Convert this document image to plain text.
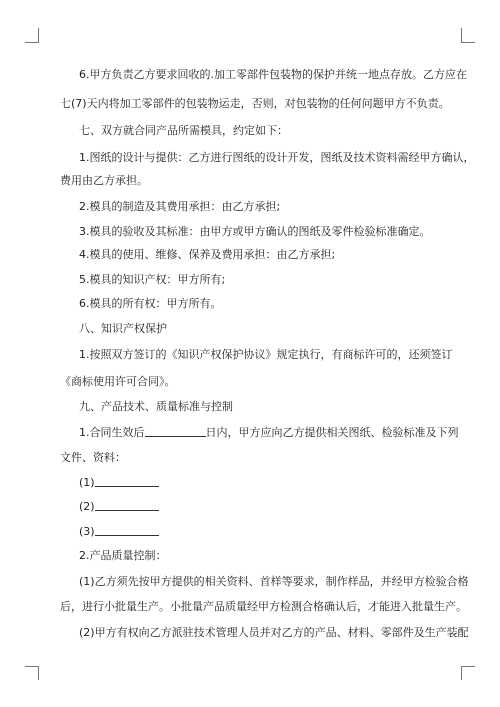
6.甲方负责乙方要求回收的.加工零部件包装物的保护并统一地点存放。乙方应在
七(7)天内将加工零部件的包装物运走，否则，对包装物的任何问题甲方不负责。
七、双方就合同产品所需模具，约定如下：
1.图纸的设计与提供：乙方进行图纸的设计开发，图纸及技术资料需经甲方确认，
费用由乙方承担。
2.模具的制造及其费用承担：由乙方承担;
3.模具的验收及其标准：由甲方或甲方确认的图纸及零件检验标准确定。
4.模具的使用、维修、保养及费用承担：由乙方承担;
5.模具的知识产权：甲方所有;
6.模具的所有权：甲方所有。
八、知识产权保护
1.按照双方签订的《知识产权保护协议》规定执行，有商标许可的，还须签订
《商标使用许可合同》。
九、产品技术、质量标准与控制
1.合同生效后	日内，甲方应向乙方提供相关图纸、检验标准及下列
文件、资料：
(1)
(2)
(3)
2.产品质量控制：
(1)乙方须先按甲方提供的相关资料、首样等要求，制作样品，并经甲方检验合格
后，进行小批量生产。小批量产品质量经甲方检测合格确认后，才能进入批量生产。
(2)甲方有权向乙方派驻技术管理人员并对乙方的产品、材料、零部件及生产装配
